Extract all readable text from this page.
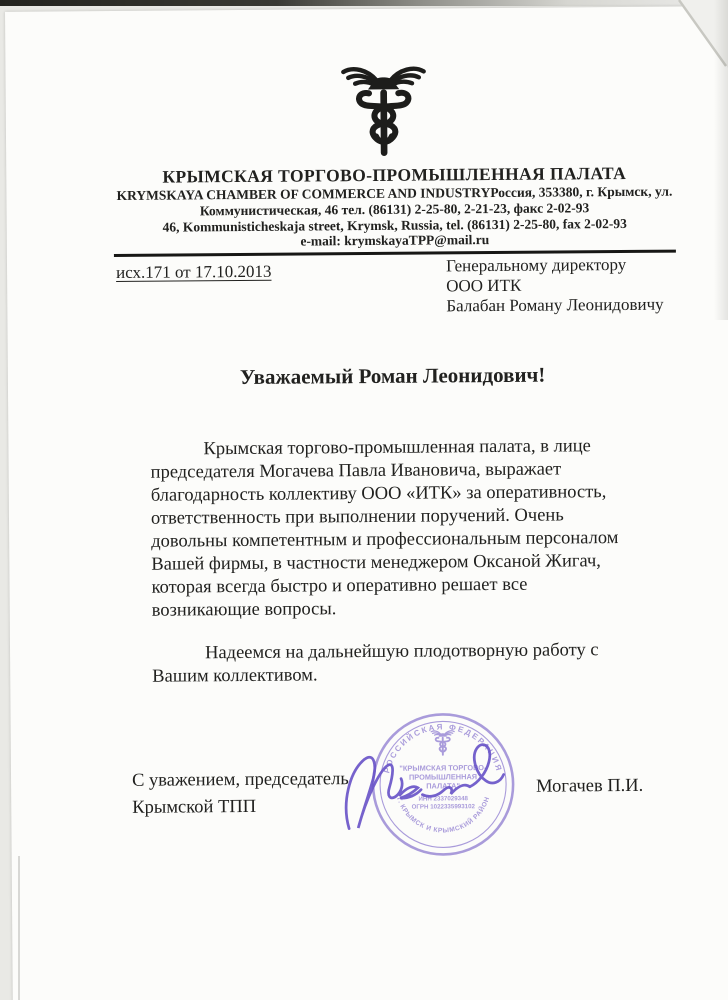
КРЫМСКАЯ ТОРГОВО-ПРОМЫШЛЕННАЯ ПАЛАТА
KRYMSKAYA CHAMBER OF COMMERCE AND INDUSTRYРоссия, 353380, г. Крымск, ул.
Коммунистическая, 46 тел. (86131) 2-25-80, 2-21-23, факс 2-02-93
46, Kommunisticheskaja street, Krymsk, Russia, tel. (86131) 2-25-80, fax 2-02-93
e-mail: krymskayaTPP@mail.ru
исх.171 от 17.10.2013	Генеральному директору
ООО ИТК
Балабан Роману Леонидовичу
Уважаемый Роман Леонидович!
Крымская торгово-промышленная палата, в лице
председателя Могачева Павла Ивановича, выражает
благодарность коллективу ООО «ИТК» за оперативность,
ответственность при выполнении поручений. Очень
довольны компетентным и профессиональным персоналом
Вашей фирмы, в частности менеджером Оксаной Жигач,
которая всегда быстро и оперативно решает все
возникающие вопросы.
Надеемся на дальнейшую плодотворную работу с
Вашим коллективом.
С уважением, председатель
Крымской ТПП
РОССИЙСКАЯ ФЕДЕРАЦИЯ
Г. КРЫМСК И КРЫМСКИЙ РАЙОН
"КРЫМСКАЯ ТОРГОВО-
ПРОМЫШЛЕННАЯ
ПАЛАТА"
ИНН 2337029348
ОГРН 1022335993102
Могачев П.И.
